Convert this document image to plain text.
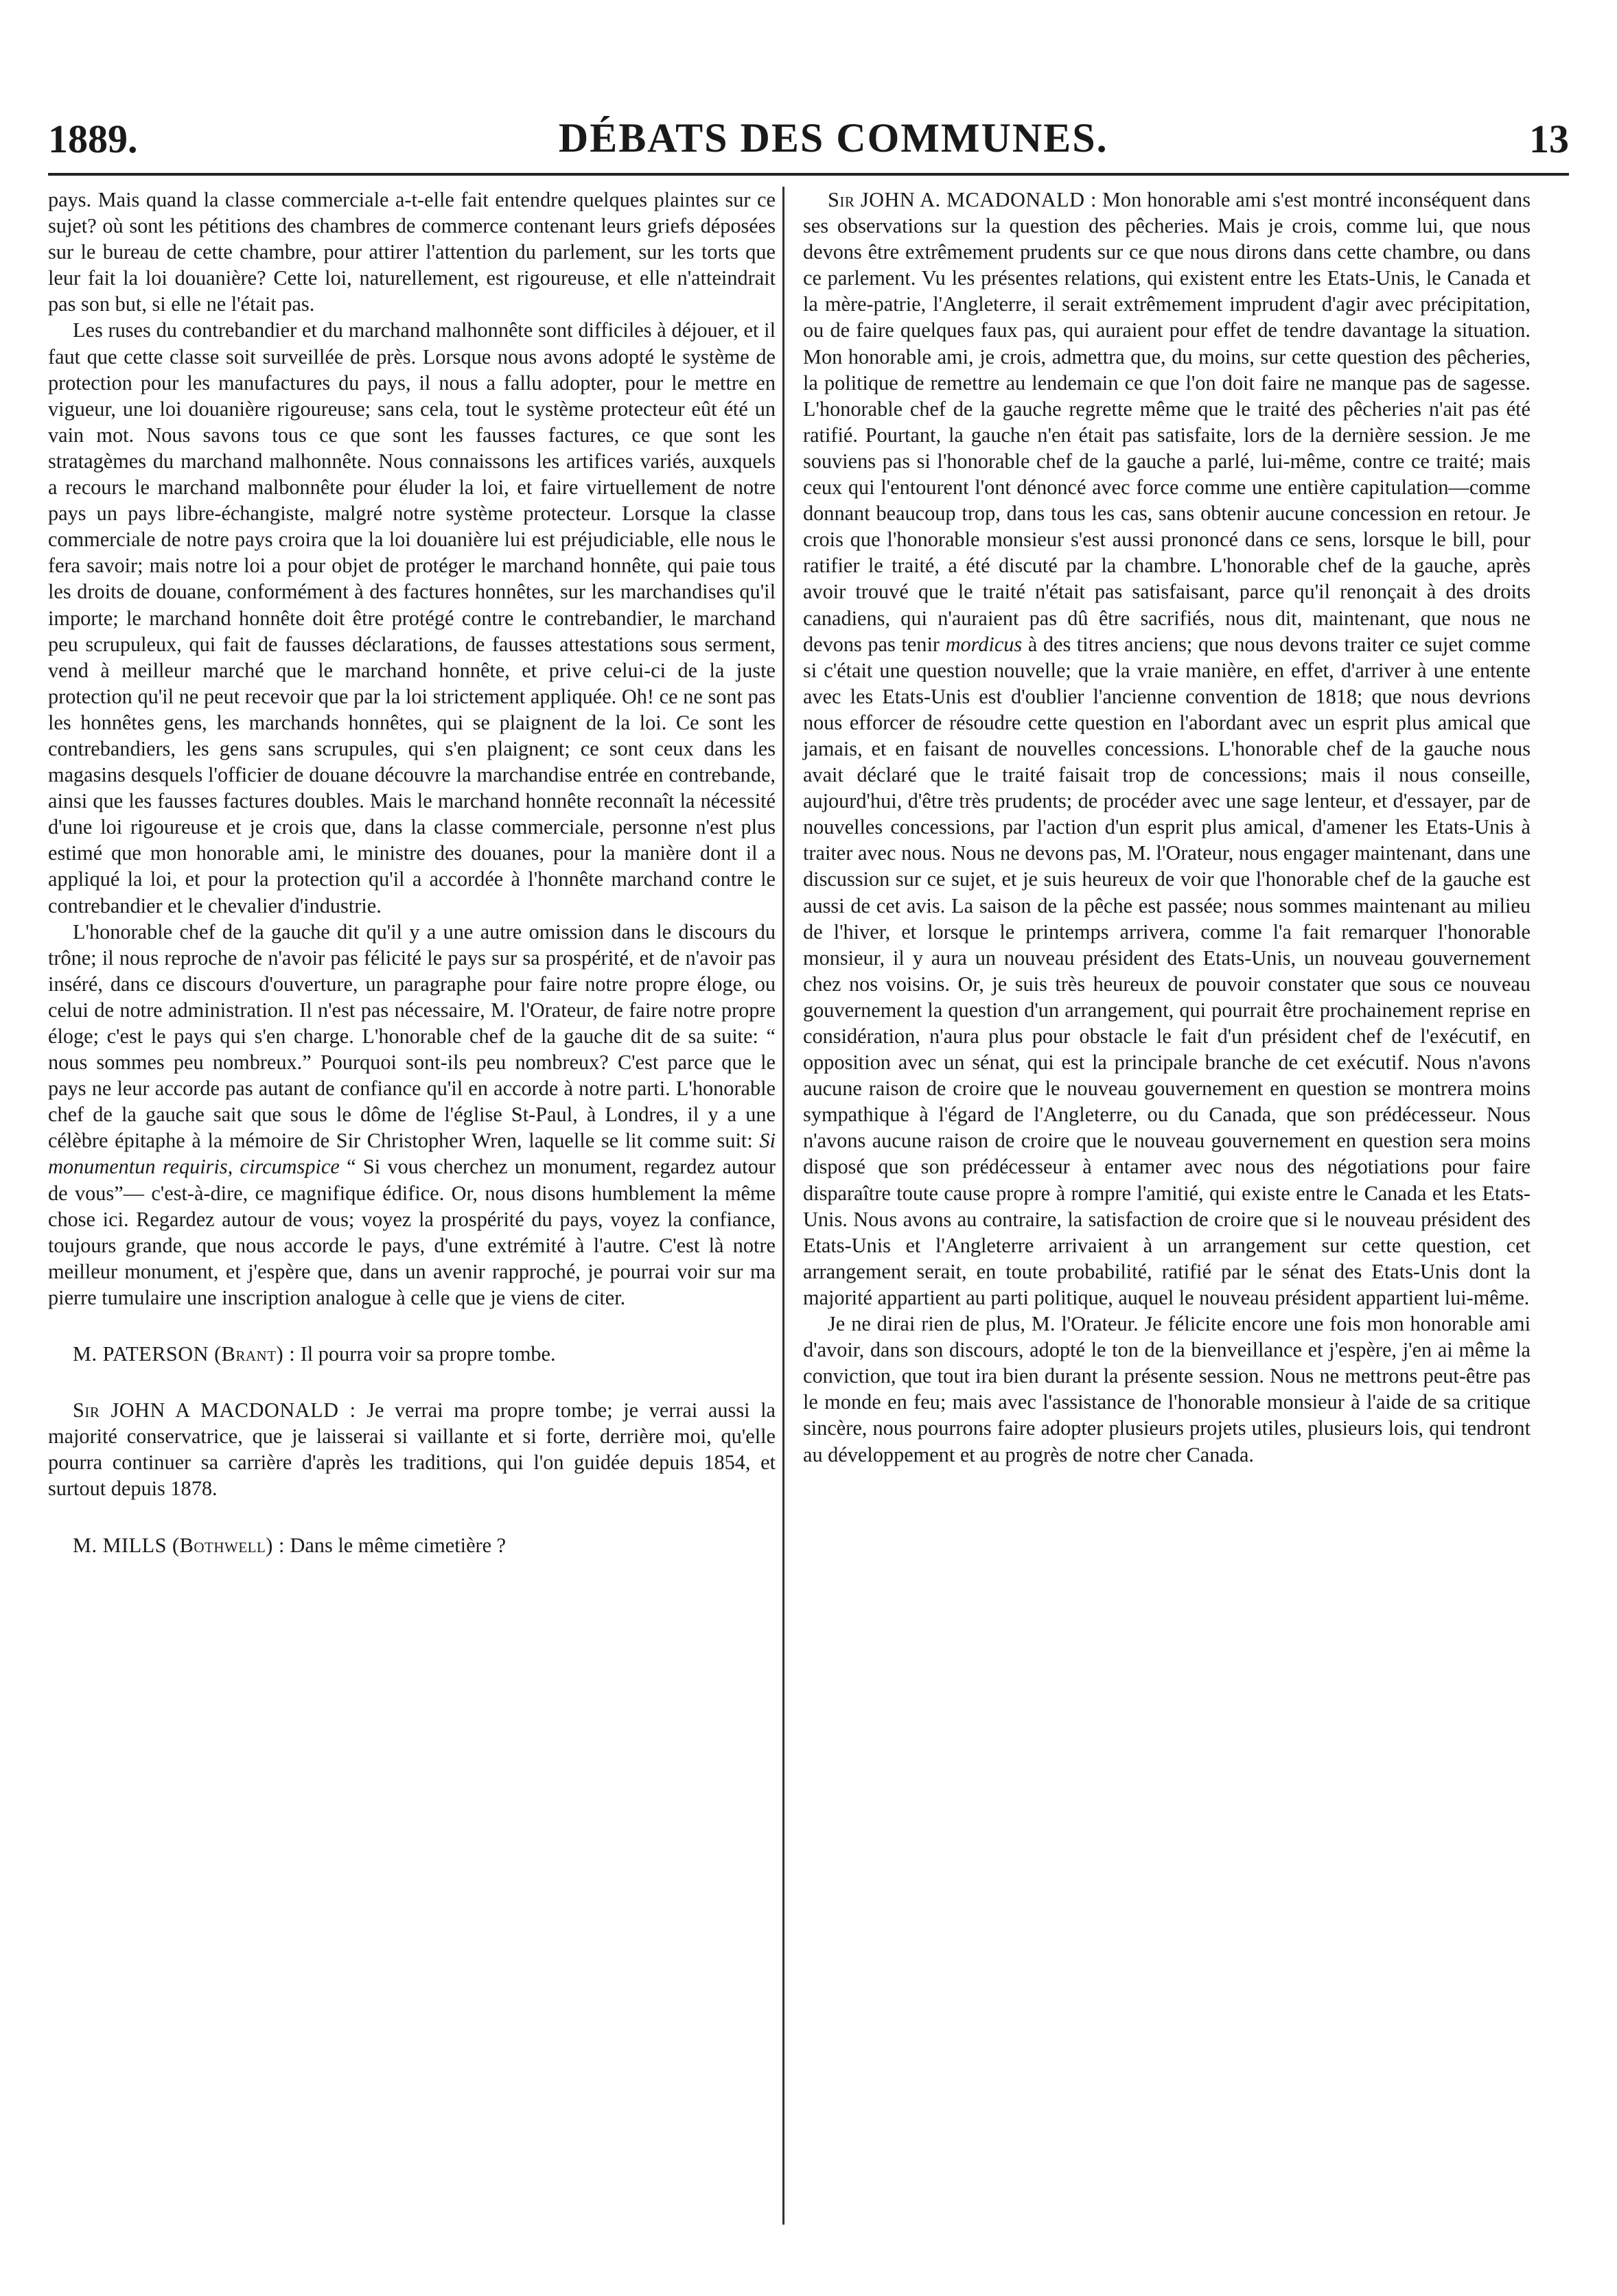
1889.	DÉBATS DES COMMUNES.	13

pays. Mais quand la classe commerciale a-t-elle fait entendre quelques plaintes sur ce sujet? où sont les pétitions des chambres de commerce contenant leurs griefs déposées sur le bureau de cette chambre, pour attirer l'attention du parlement, sur les torts que leur fait la loi douanière? Cette loi, naturellement, est rigoureuse, et elle n'atteindrait pas son but, si elle ne l'était pas.

Les ruses du contrebandier et du marchand malhonnête sont difficiles à déjouer, et il faut que cette classe soit surveillée de près. Lorsque nous avons adopté le système de protection pour les manufactures du pays, il nous a fallu adopter, pour le mettre en vigueur, une loi douanière rigoureuse; sans cela, tout le système protecteur eût été un vain mot. Nous savons tous ce que sont les fausses factures, ce que sont les stratagèmes du marchand malhonnête. Nous connaissons les artifices variés, auxquels a recours le marchand malbonnête pour éluder la loi, et faire virtuellement de notre pays un pays libre-échangiste, malgré notre système protecteur. Lorsque la classe commerciale de notre pays croira que la loi douanière lui est préjudiciable, elle nous le fera savoir; mais notre loi a pour objet de protéger le marchand honnête, qui paie tous les droits de douane, conformément à des factures honnêtes, sur les marchandises qu'il importe; le marchand honnête doit être protégé contre le contrebandier, le marchand peu scrupuleux, qui fait de fausses déclarations, de fausses attestations sous serment, vend à meilleur marché que le marchand honnête, et prive celui-ci de la juste protection qu'il ne peut recevoir que par la loi strictement appliquée. Oh! ce ne sont pas les honnêtes gens, les marchands honnêtes, qui se plaignent de la loi. Ce sont les contrebandiers, les gens sans scrupules, qui s'en plaignent; ce sont ceux dans les magasins desquels l'officier de douane découvre la marchandise entrée en contrebande, ainsi que les fausses factures doubles. Mais le marchand honnête reconnaît la nécessité d'une loi rigoureuse et je crois que, dans la classe commerciale, personne n'est plus estimé que mon honorable ami, le ministre des douanes, pour la manière dont il a appliqué la loi, et pour la protection qu'il a accordée à l'honnête marchand contre le contrebandier et le chevalier d'industrie.

L'honorable chef de la gauche dit qu'il y a une autre omission dans le discours du trône; il nous reproche de n'avoir pas félicité le pays sur sa prospérité, et de n'avoir pas inséré, dans ce discours d'ouverture, un paragraphe pour faire notre propre éloge, ou celui de notre administration. Il n'est pas nécessaire, M. l'Orateur, de faire notre propre éloge; c'est le pays qui s'en charge. L'honorable chef de la gauche dit de sa suite: “ nous sommes peu nombreux.” Pourquoi sont-ils peu nombreux? C'est parce que le pays ne leur accorde pas autant de confiance qu'il en accorde à notre parti. L'honorable chef de la gauche sait que sous le dôme de l'église St-Paul, à Londres, il y a une célèbre épitaphe à la mémoire de Sir Christopher Wren, laquelle se lit comme suit: Si monumentun requiris, circumspice “ Si vous cherchez un monument, regardez autour de vous”— c'est-à-dire, ce magnifique édifice. Or, nous disons humblement la même chose ici. Regardez autour de vous; voyez la prospérité du pays, voyez la confiance, toujours grande, que nous accorde le pays, d'une extrémité à l'autre. C'est là notre meilleur monument, et j'espère que, dans un avenir rapproché, je pourrai voir sur ma pierre tumulaire une inscription analogue à celle que je viens de citer.

M. PATERSON (Brant) : Il pourra voir sa propre tombe.

Sir JOHN A MACDONALD : Je verrai ma propre tombe; je verrai aussi la majorité conservatrice, que je laisserai si vaillante et si forte, derrière moi, qu'elle pourra continuer sa carrière d'après les traditions, qui l'on guidée depuis 1854, et surtout depuis 1878.

M. MILLS (Bothwell) : Dans le même cimetière ?

Sir JOHN A. MCADONALD : Mon honorable ami s'est montré inconséquent dans ses observations sur la question des pêcheries. Mais je crois, comme lui, que nous devons être extrêmement prudents sur ce que nous dirons dans cette chambre, ou dans ce parlement. Vu les présentes relations, qui existent entre les Etats-Unis, le Canada et la mère-patrie, l'Angleterre, il serait extrêmement imprudent d'agir avec précipitation, ou de faire quelques faux pas, qui auraient pour effet de tendre davantage la situation. Mon honorable ami, je crois, admettra que, du moins, sur cette question des pêcheries, la politique de remettre au lendemain ce que l'on doit faire ne manque pas de sagesse. L'honorable chef de la gauche regrette même que le traité des pêcheries n'ait pas été ratifié. Pourtant, la gauche n'en était pas satisfaite, lors de la dernière session. Je me souviens pas si l'honorable chef de la gauche a parlé, lui-même, contre ce traité; mais ceux qui l'entourent l'ont dénoncé avec force comme une entière capitulation—comme donnant beaucoup trop, dans tous les cas, sans obtenir aucune concession en retour. Je crois que l'honorable monsieur s'est aussi prononcé dans ce sens, lorsque le bill, pour ratifier le traité, a été discuté par la chambre. L'honorable chef de la gauche, après avoir trouvé que le traité n'était pas satisfaisant, parce qu'il renonçait à des droits canadiens, qui n'auraient pas dû être sacrifiés, nous dit, maintenant, que nous ne devons pas tenir mordicus à des titres anciens; que nous devons traiter ce sujet comme si c'était une question nouvelle; que la vraie manière, en effet, d'arriver à une entente avec les Etats-Unis est d'oublier l'ancienne convention de 1818; que nous devrions nous efforcer de résoudre cette question en l'abordant avec un esprit plus amical que jamais, et en faisant de nouvelles concessions. L'honorable chef de la gauche nous avait déclaré que le traité faisait trop de concessions; mais il nous conseille, aujourd'hui, d'être très prudents; de procéder avec une sage lenteur, et d'essayer, par de nouvelles concessions, par l'action d'un esprit plus amical, d'amener les Etats-Unis à traiter avec nous. Nous ne devons pas, M. l'Orateur, nous engager maintenant, dans une discussion sur ce sujet, et je suis heureux de voir que l'honorable chef de la gauche est aussi de cet avis. La saison de la pêche est passée; nous sommes maintenant au milieu de l'hiver, et lorsque le printemps arrivera, comme l'a fait remarquer l'honorable monsieur, il y aura un nouveau président des Etats-Unis, un nouveau gouvernement chez nos voisins. Or, je suis très heureux de pouvoir constater que sous ce nouveau gouvernement la question d'un arrangement, qui pourrait être prochainement reprise en considération, n'aura plus pour obstacle le fait d'un président chef de l'exécutif, en opposition avec un sénat, qui est la principale branche de cet exécutif. Nous n'avons aucune raison de croire que le nouveau gouvernement en question se montrera moins sympathique à l'égard de l'Angleterre, ou du Canada, que son prédécesseur. Nous n'avons aucune raison de croire que le nouveau gouvernement en question sera moins disposé que son prédécesseur à entamer avec nous des négotiations pour faire disparaître toute cause propre à rompre l'amitié, qui existe entre le Canada et les Etats-Unis. Nous avons au contraire, la satisfaction de croire que si le nouveau président des Etats-Unis et l'Angleterre arrivaient à un arrangement sur cette question, cet arrangement serait, en toute probabilité, ratifié par le sénat des Etats-Unis dont la majorité appartient au parti politique, auquel le nouveau président appartient lui-même.

Je ne dirai rien de plus, M. l'Orateur. Je félicite encore une fois mon honorable ami d'avoir, dans son discours, adopté le ton de la bienveillance et j'espère, j'en ai même la conviction, que tout ira bien durant la présente session. Nous ne mettrons peut-être pas le monde en feu; mais avec l'assistance de l'honorable monsieur à l'aide de sa critique sincère, nous pourrons faire adopter plusieurs projets utiles, plusieurs lois, qui tendront au développement et au progrès de notre cher Canada.
